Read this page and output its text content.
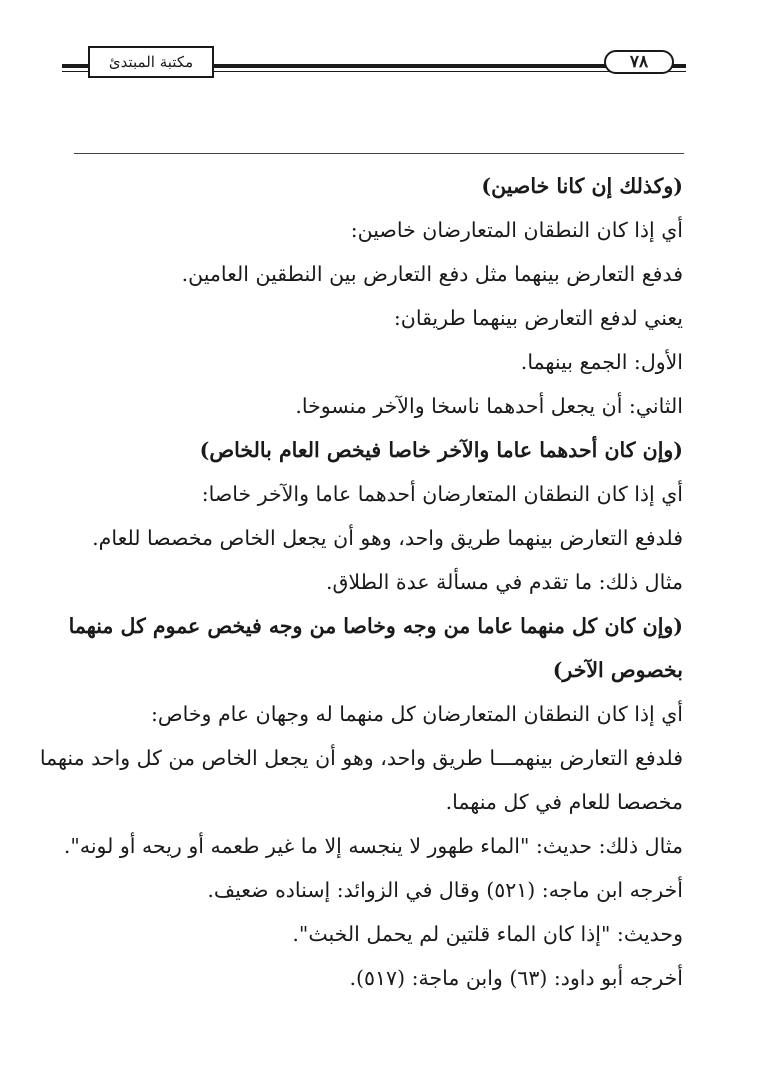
مكتبة المبتدئ	٧٨
(وكذلك إن كانا خاصين)
أي إذا كان النطقان المتعارضان خاصين:
فدفع التعارض بينهما مثل دفع التعارض بين النطقين العامين.
يعني لدفع التعارض بينهما طريقان:
الأول: الجمع بينهما.
الثاني: أن يجعل أحدهما ناسخا والآخر منسوخا.
(وإن كان أحدهما عاما والآخر خاصا فيخص العام بالخاص)
أي إذا كان النطقان المتعارضان أحدهما عاما والآخر خاصا:
فلدفع التعارض بينهما طريق واحد، وهو أن يجعل الخاص مخصصا للعام.
مثال ذلك: ما تقدم في مسألة عدة الطلاق.
(وإن كان كل منهما عاما من وجه وخاصا من وجه فيخص عموم كل منهما
بخصوص الآخر)
أي إذا كان النطقان المتعارضان كل منهما له وجهان عام وخاص:
فلدفع التعارض بينهمـــا طريق واحد، وهو أن يجعل الخاص من كل واحد منهما
مخصصا للعام في كل منهما.
مثال ذلك: حديث: "الماء طهور لا ينجسه إلا ما غير طعمه أو ريحه أو لونه".
أخرجه ابن ماجه: (٥٢١) وقال في الزوائد: إسناده ضعيف.
وحديث: "إذا كان الماء قلتين لم يحمل الخبث".
أخرجه أبو داود: (٦٣) وابن ماجة: (٥١٧).
